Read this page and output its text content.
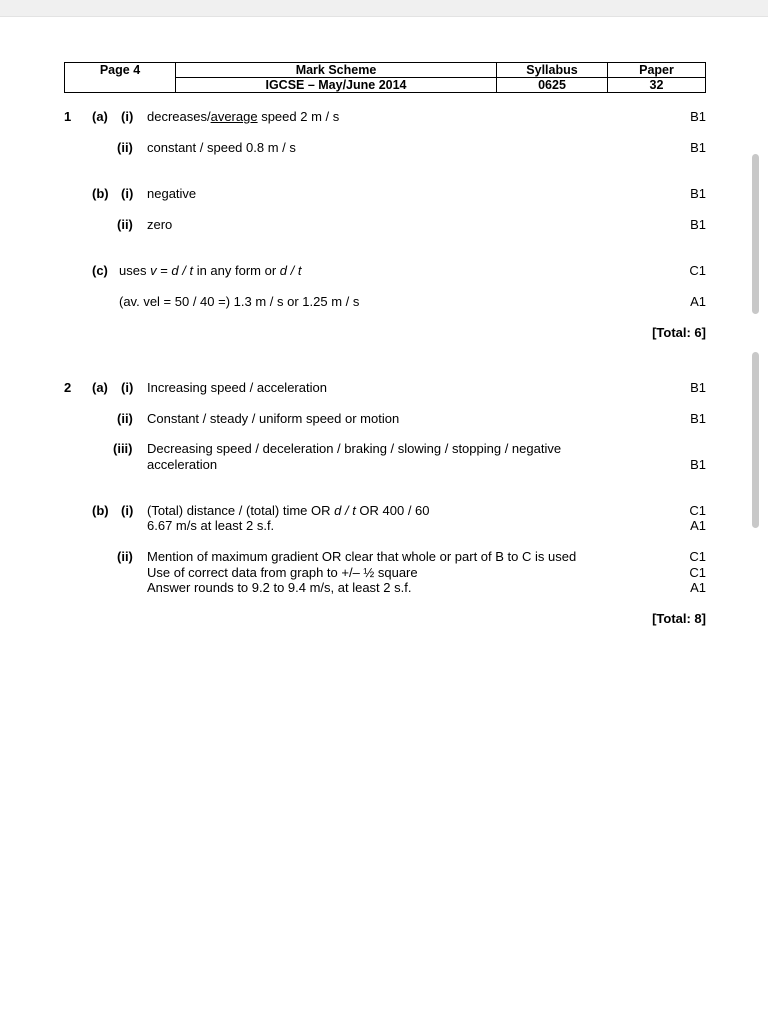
Page 4	Mark Scheme	Syllabus	Paper
	IGCSE – May/June 2014	0625	32
1 (a) (i) decreases/average speed 2 m / s	B1
(ii) constant / speed 0.8 m / s	B1
(b) (i) negative	B1
(ii) zero	B1
(c) uses v = d / t in any form or d / t	C1
(av. vel = 50 / 40 =) 1.3 m / s or 1.25 m / s	A1
[Total: 6]
2 (a) (i) Increasing speed / acceleration	B1
(ii) Constant / steady / uniform speed or motion	B1
(iii) Decreasing speed / deceleration / braking / slowing / stopping / negative
acceleration	B1
(b) (i) (Total) distance / (total) time OR d / t OR 400 / 60	C1
6.67 m/s at least 2 s.f.	A1
(ii) Mention of maximum gradient OR clear that whole or part of B to C is used	C1
Use of correct data from graph to +/– ½ square	C1
Answer rounds to 9.2 to 9.4 m/s, at least 2 s.f.	A1
[Total: 8]
